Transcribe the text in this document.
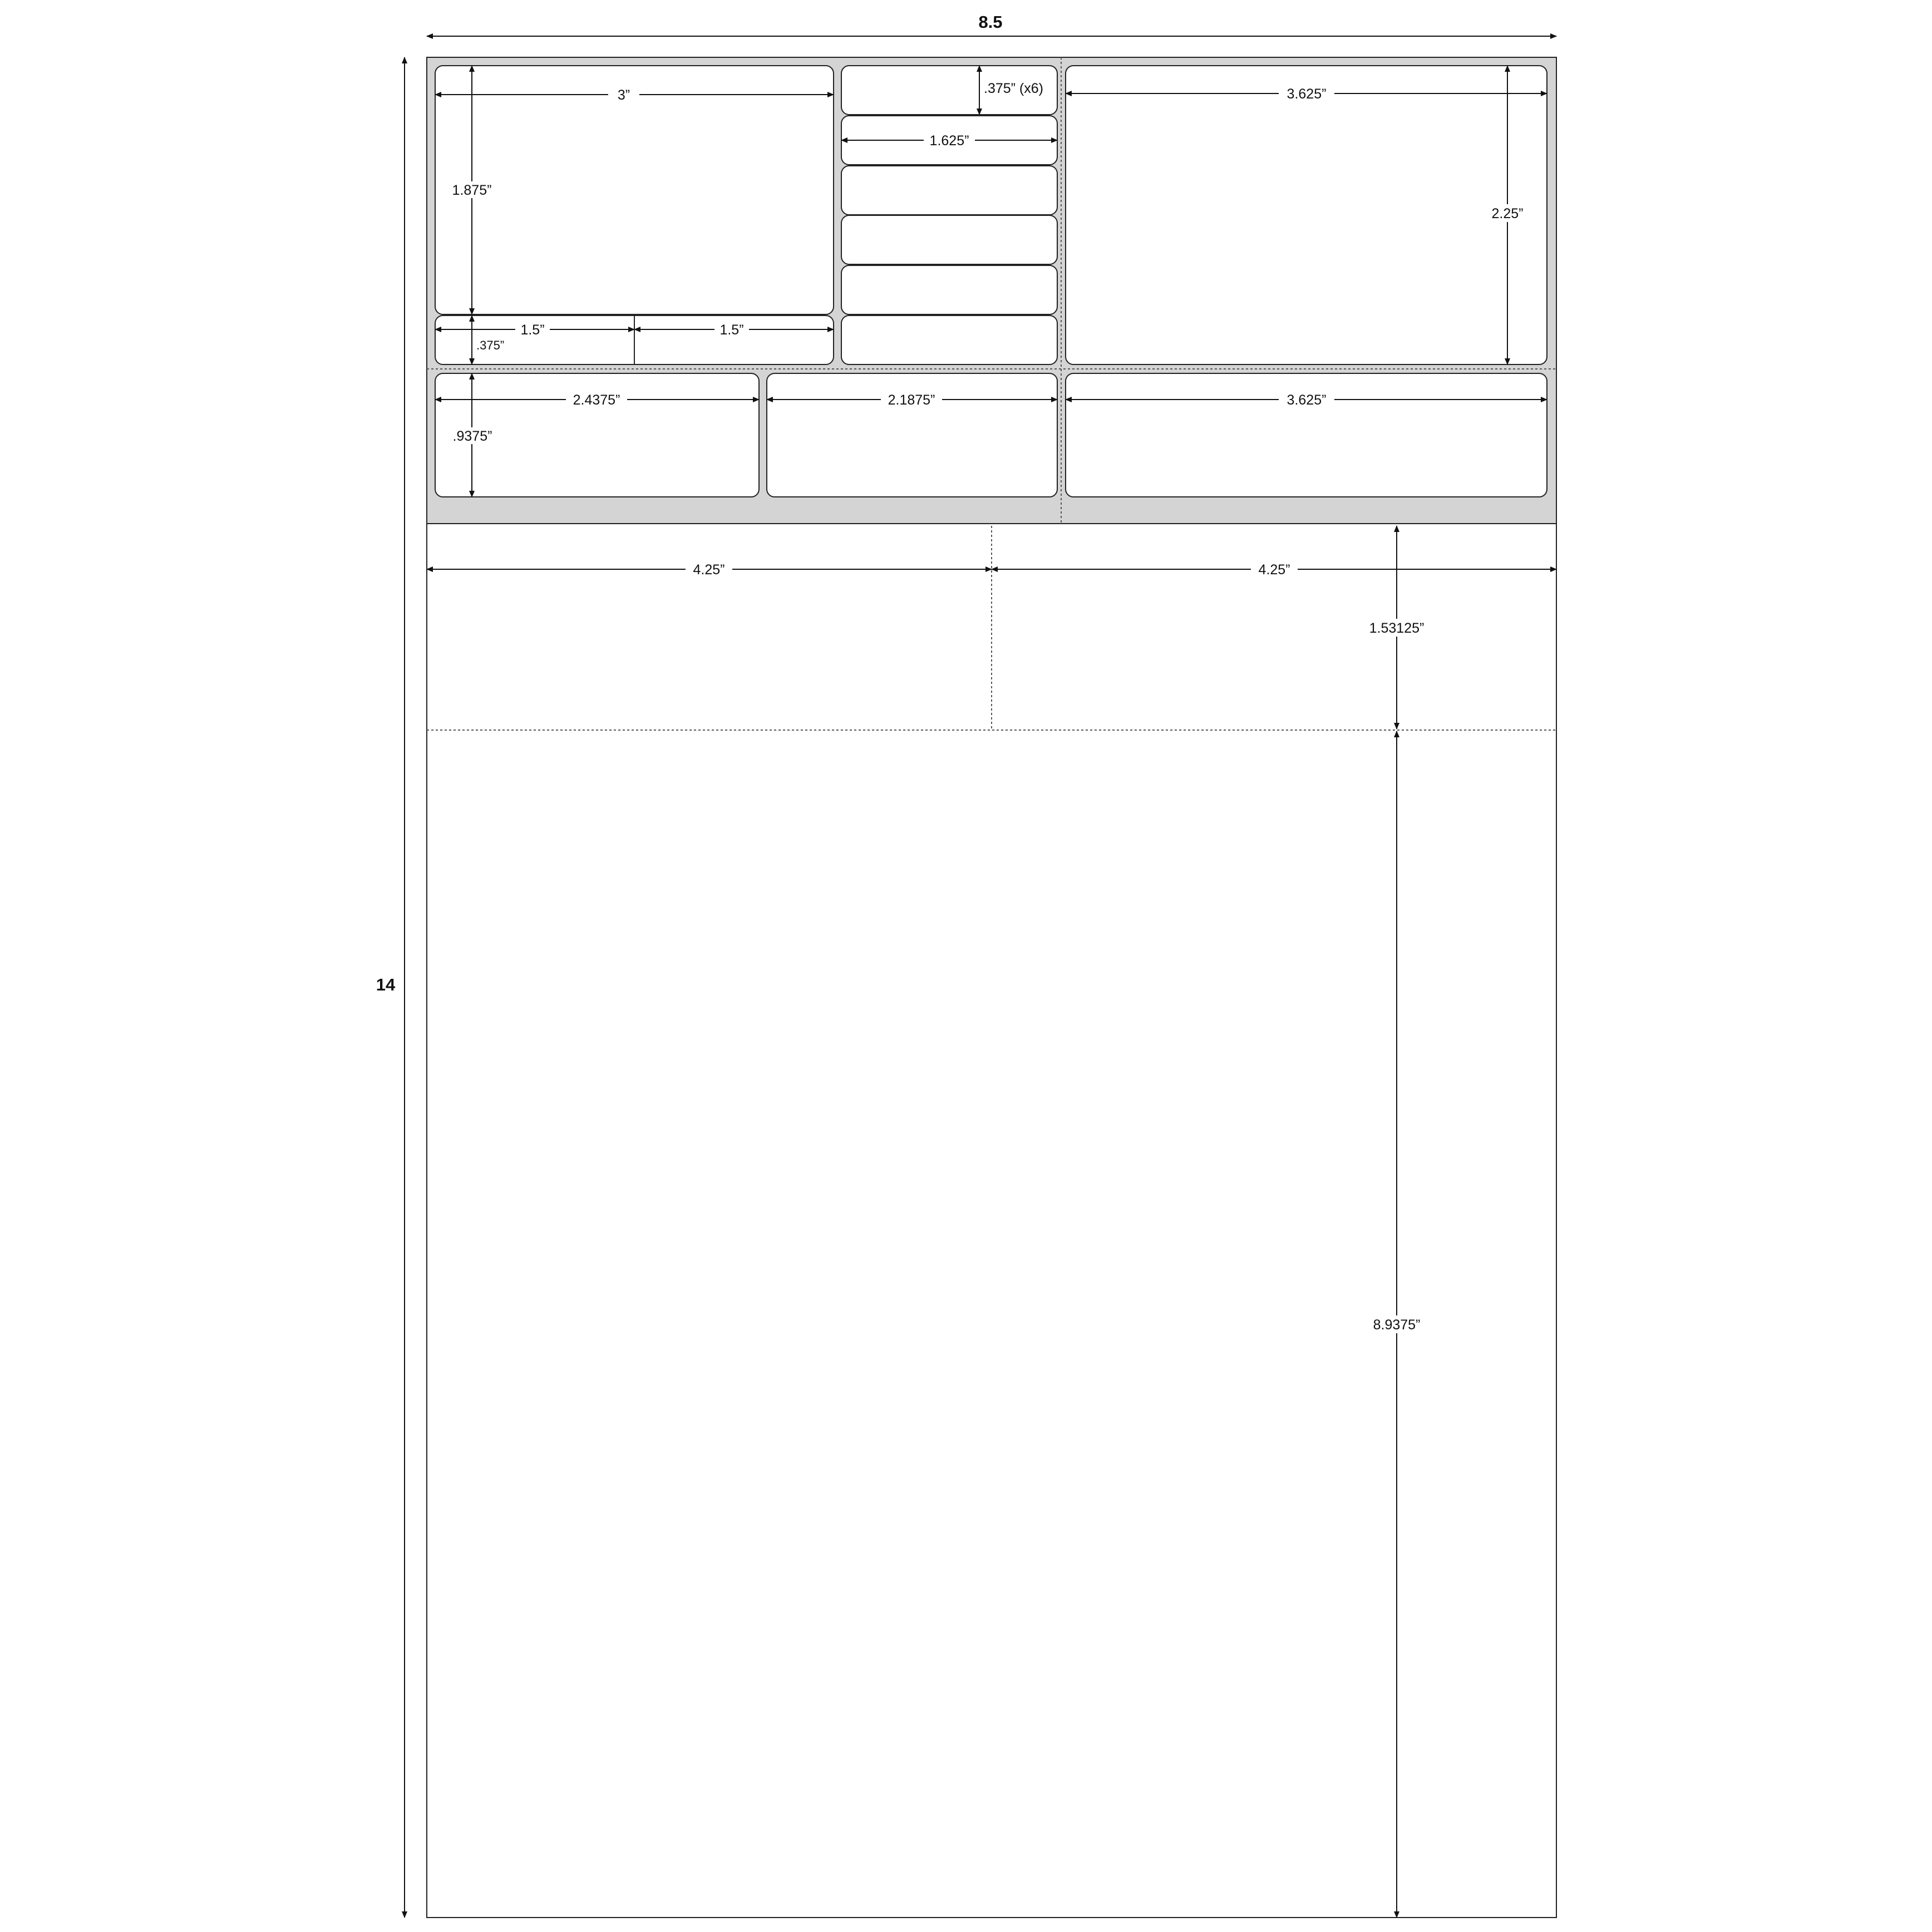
8.5
14
3”
1.875”
1.5”	1.5”
.375”
.375” (x6)
1.625”
3.625”
2.25”
2.4375”
.9375”
2.1875”	3.625”
4.25”	4.25”
1.53125”
8.9375”
